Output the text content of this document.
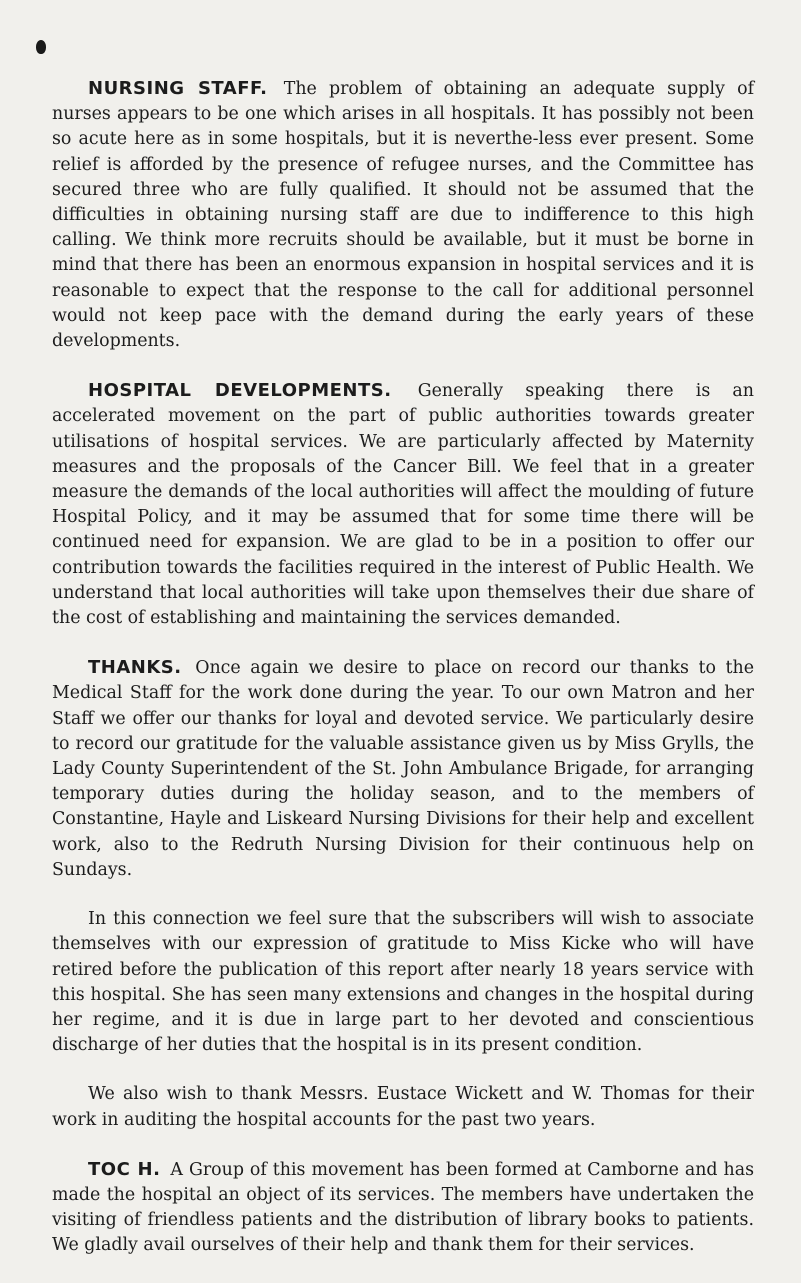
NURSING STAFF. The problem of obtaining an adequate supply of nurses appears to be one which arises in all hospitals. It has possibly not been so acute here as in some hospitals, but it is neverthe-less ever present. Some relief is afforded by the presence of refugee nurses, and the Committee has secured three who are fully qualified. It should not be assumed that the difficulties in obtaining nursing staff are due to indifference to this high calling. We think more recruits should be available, but it must be borne in mind that there has been an enormous expansion in hospital services and it is reasonable to expect that the response to the call for additional personnel would not keep pace with the demand during the early years of these developments.

HOSPITAL DEVELOPMENTS. Generally speaking there is an accelerated movement on the part of public authorities towards greater utilisations of hospital services. We are particularly affected by Maternity measures and the proposals of the Cancer Bill. We feel that in a greater measure the demands of the local authorities will affect the moulding of future Hospital Policy, and it may be assumed that for some time there will be continued need for expansion. We are glad to be in a position to offer our contribution towards the facilities required in the interest of Public Health. We understand that local authorities will take upon themselves their due share of the cost of establishing and maintaining the services demanded.

THANKS. Once again we desire to place on record our thanks to the Medical Staff for the work done during the year. To our own Matron and her Staff we offer our thanks for loyal and devoted service. We particularly desire to record our gratitude for the valuable assistance given us by Miss Grylls, the Lady County Superintendent of the St. John Ambulance Brigade, for arranging temporary duties during the holiday season, and to the members of Constantine, Hayle and Liskeard Nursing Divisions for their help and excellent work, also to the Redruth Nursing Division for their continuous help on Sundays.

In this connection we feel sure that the subscribers will wish to associate themselves with our expression of gratitude to Miss Kicke who will have retired before the publication of this report after nearly 18 years service with this hospital. She has seen many extensions and changes in the hospital during her regime, and it is due in large part to her devoted and conscientious discharge of her duties that the hospital is in its present condition.

We also wish to thank Messrs. Eustace Wickett and W. Thomas for their work in auditing the hospital accounts for the past two years.

TOC H. A Group of this movement has been formed at Camborne and has made the hospital an object of its services. The members have undertaken the visiting of friendless patients and the distribution of library books to patients. We gladly avail ourselves of their help and thank them for their services.
